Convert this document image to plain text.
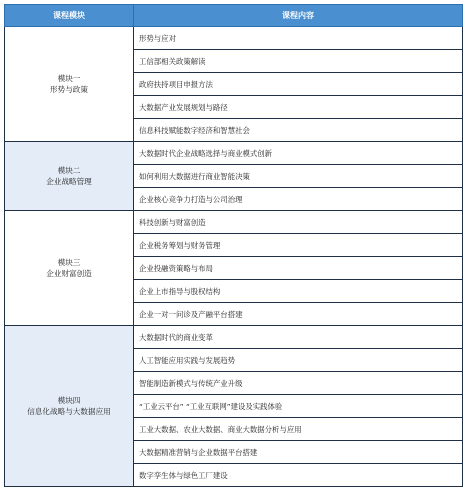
课程模块	课程内容

模块一
形势与政策	形势与应对
	工信部相关政策解读
	政府扶持项目申报方法
	大数据产业发展规划与路径
	信息科技赋能数字经济和智慧社会

模块二
企业战略管理	大数据时代企业战略选择与商业模式创新
	如何利用大数据进行商业智能决策
	企业核心竞争力打造与公司治理

模块三
企业财富创造	科技创新与财富创造
	企业税务筹划与财务管理
	企业投融资策略与布局
	企业上市指导与股权结构
	企业一对一问诊及产融平台搭建

模块四
信息化战略与大数据应用	大数据时代的商业变革
	人工智能应用实践与发展趋势
	智能制造新模式与传统产业升级
	“工业云平台” “工业互联网”建设及实践体验
	工业大数据、农业大数据、商业大数据分析与应用
	大数据精准营销与企业数据平台搭建
	数字孪生体与绿色工厂建设
